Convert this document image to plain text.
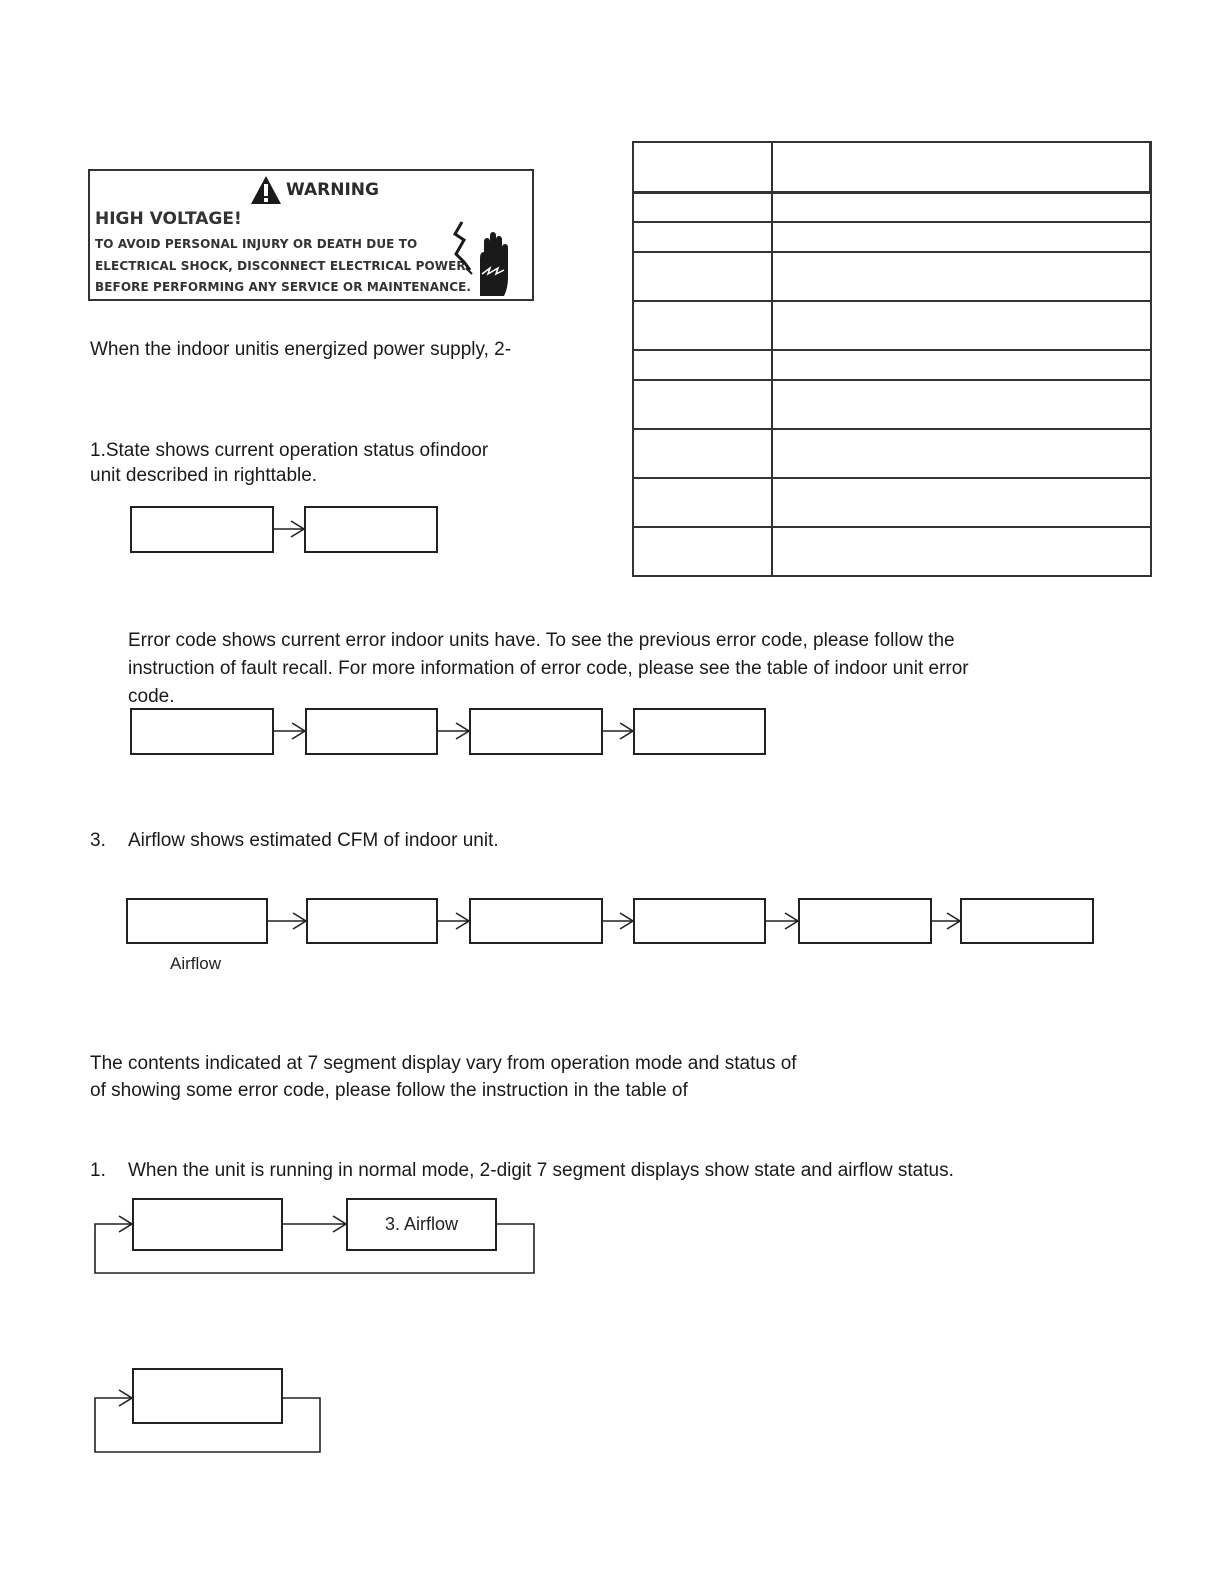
WARNING
HIGH VOLTAGE!
TO AVOID PERSONAL INJURY OR DEATH DUE TO
ELECTRICAL SHOCK, DISCONNECT ELECTRICAL POWER
BEFORE PERFORMING ANY SERVICE OR MAINTENANCE.
When the indoor unitis energized power supply, 2-
1.State shows current operation status ofindoor
unit described in righttable.

Error code shows current error indoor units have. To see the previous error code, please follow the
instruction of fault recall. For more information of error code, please see the table of indoor unit error
code.
3. Airflow shows estimated CFM of indoor unit.
Airflow
The contents indicated at 7 segment display vary from operation mode and status of
of showing some error code, please follow the instruction in the table of
1. When the unit is running in normal mode, 2-digit 7 segment displays show state and airflow status.
3. Airflow
